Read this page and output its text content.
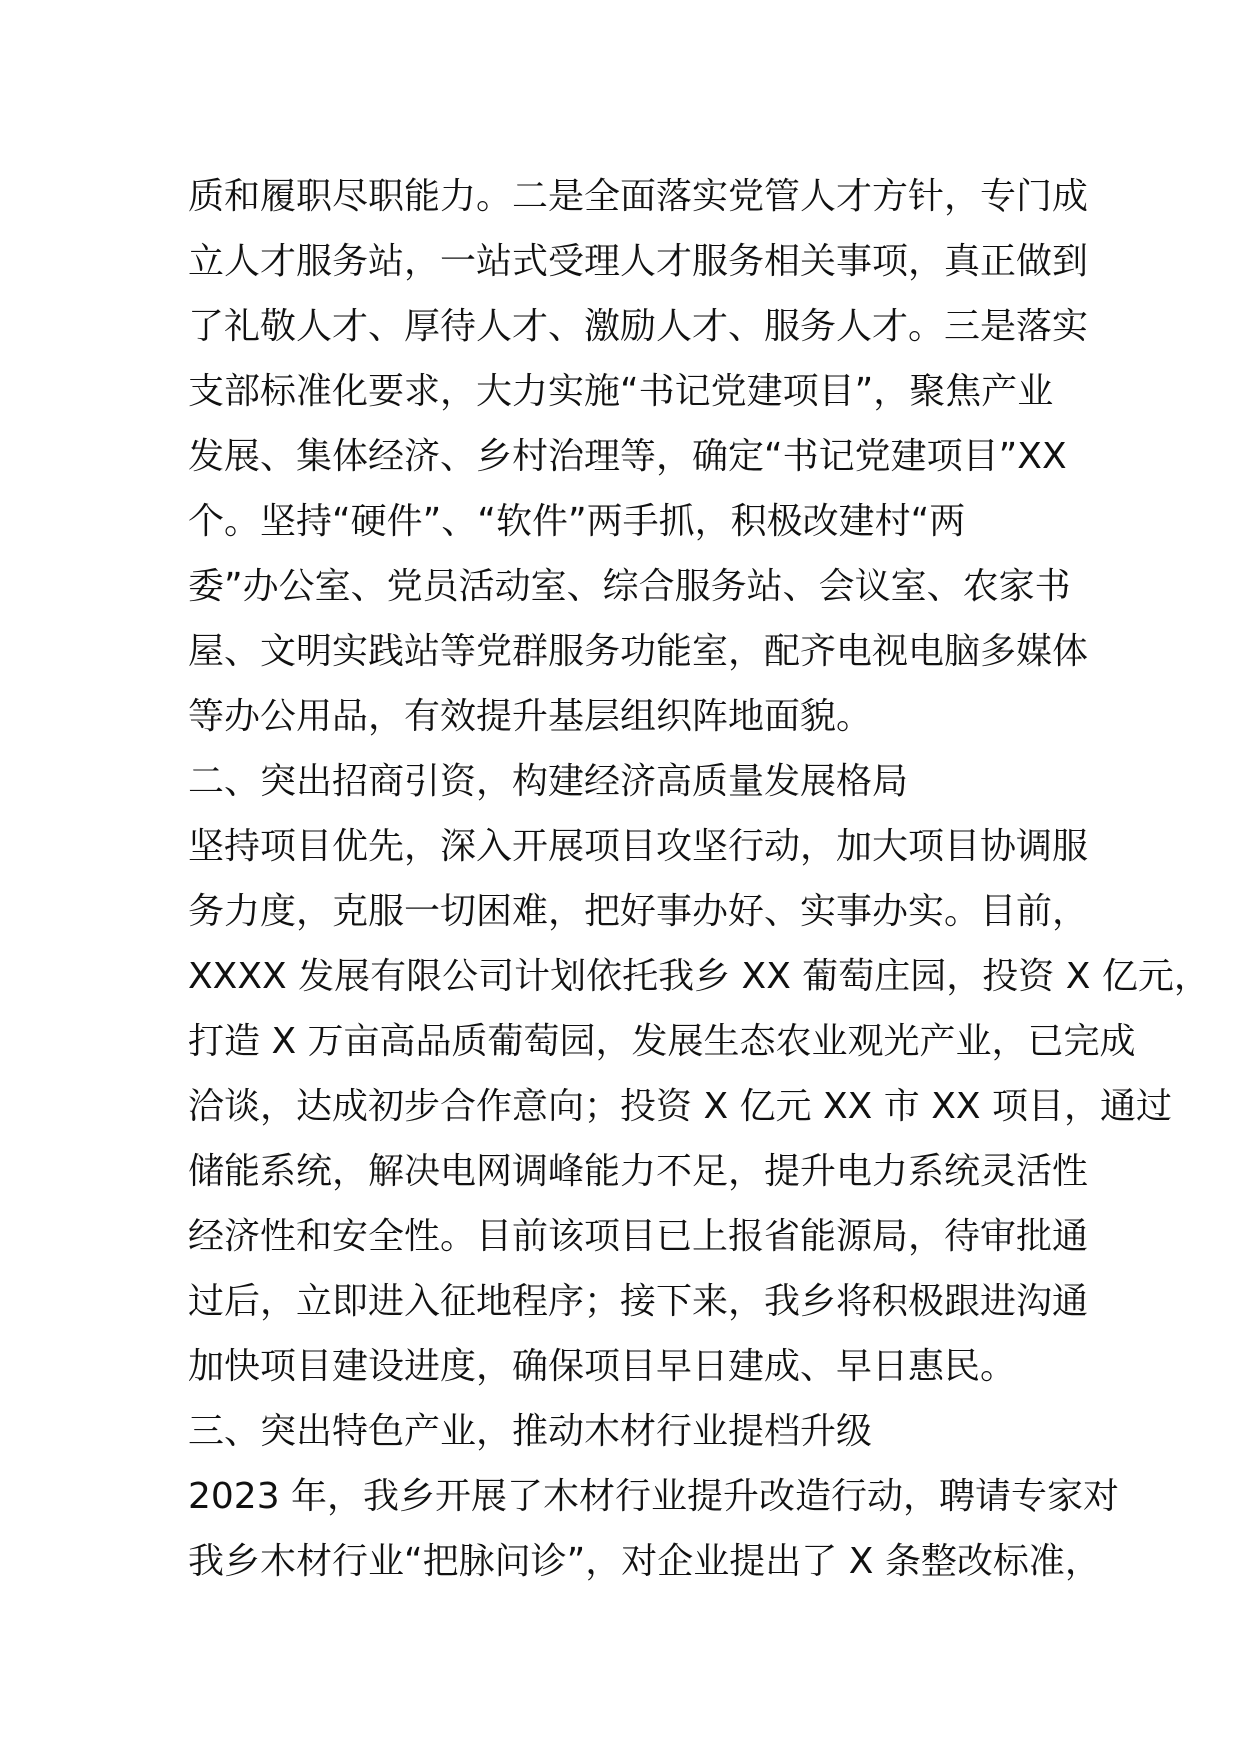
质和履职尽职能力。二是全面落实党管人才方针，专门成
立人才服务站，一站式受理人才服务相关事项，真正做到
了礼敬人才、厚待人才、激励人才、服务人才。三是落实
支部标准化要求，大力实施“书记党建项目”，聚焦产业
发展、集体经济、乡村治理等，确定“书记党建项目”XX
个。坚持“硬件”、“软件”两手抓，积极改建村“两
委”办公室、党员活动室、综合服务站、会议室、农家书
屋、文明实践站等党群服务功能室，配齐电视电脑多媒体
等办公用品，有效提升基层组织阵地面貌。
二、突出招商引资，构建经济高质量发展格局
坚持项目优先，深入开展项目攻坚行动，加大项目协调服
务力度，克服一切困难，把好事办好、实事办实。目前，
XXXX 发展有限公司计划依托我乡 XX 葡萄庄园，投资 X 亿元，
打造 X 万亩高品质葡萄园，发展生态农业观光产业，已完成
洽谈，达成初步合作意向；投资 X 亿元 XX 市 XX 项目，通过
储能系统，解决电网调峰能力不足，提升电力系统灵活性
经济性和安全性。目前该项目已上报省能源局，待审批通
过后，立即进入征地程序；接下来，我乡将积极跟进沟通
加快项目建设进度，确保项目早日建成、早日惠民。
三、突出特色产业，推动木材行业提档升级
2023 年，我乡开展了木材行业提升改造行动，聘请专家对
我乡木材行业“把脉问诊”，对企业提出了 X 条整改标准，
